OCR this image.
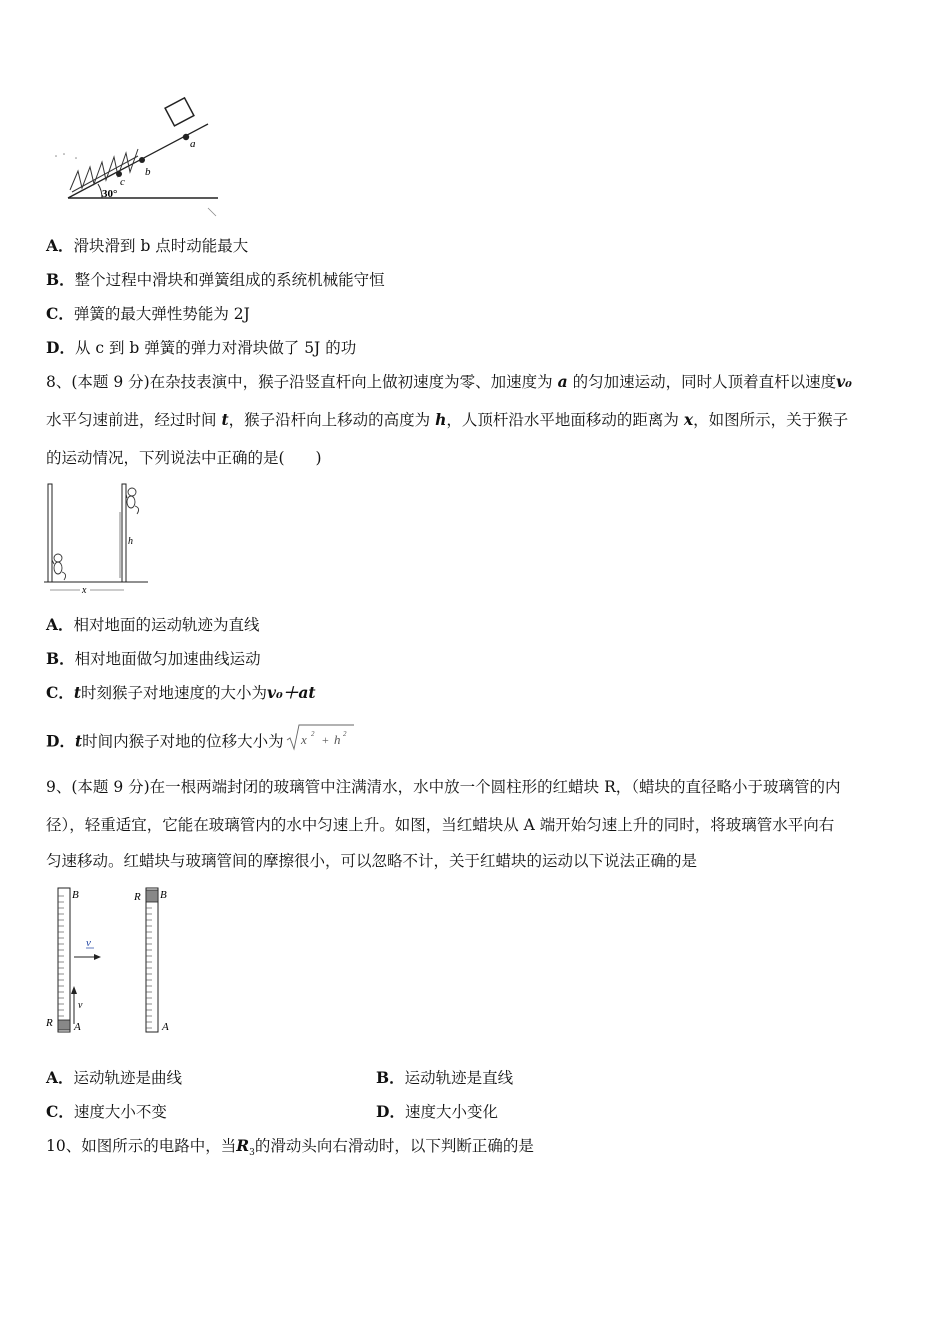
a
b
c
30°
A．滑块滑到 b 点时动能最大
B．整个过程中滑块和弹簧组成的系统机械能守恒
C．弹簧的最大弹性势能为 2J
D．从 c 到 b 弹簧的弹力对滑块做了 5J 的功
8、(本题 9 分)在杂技表演中，猴子沿竖直杆向上做初速度为零、加速度为 a 的匀加速运动，同时人顶着直杆以速度v₀
水平匀速前进，经过时间 t，猴子沿杆向上移动的高度为 h，人顶杆沿水平地面移动的距离为 x，如图所示，关于猴子
的运动情况，下列说法中正确的是(　　)
h
x
A．相对地面的运动轨迹为直线
B．相对地面做匀加速曲线运动
C．t时刻猴子对地速度的大小为v₀＋at
D．t时间内猴子对地的位移大小为 x 2 + h 2
9、(本题 9 分)在一根两端封闭的玻璃管中注满清水，水中放一个圆柱形的红蜡块 R，（蜡块的直径略小于玻璃管的内
径），轻重适宜，它能在玻璃管内的水中匀速上升。如图，当红蜡块从 A 端开始匀速上升的同时，将玻璃管水平向右
匀速移动。红蜡块与玻璃管间的摩擦很小，可以忽略不计，关于红蜡块的运动以下说法正确的是
B
A
R
v
v
B
R
A
A．运动轨迹是曲线	B．运动轨迹是直线
C．速度大小不变	D．速度大小变化
10、如图所示的电路中，当$R_3$的滑动头向右滑动时，以下判断正确的是
